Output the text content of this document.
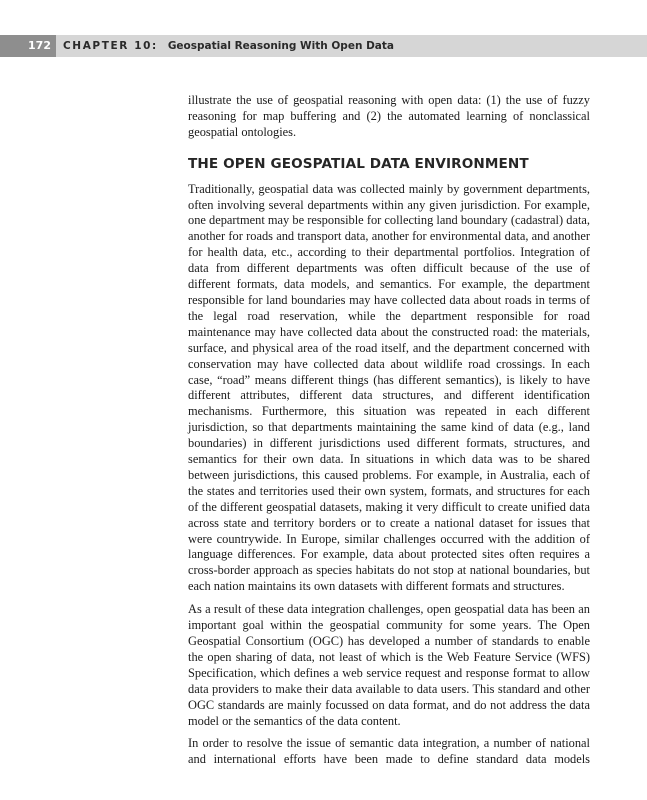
172	CHAPTER 10: Geospatial Reasoning With Open Data

illustrate the use of geospatial reasoning with open data: (1) the use of fuzzy reasoning for map buffering and (2) the automated learning of nonclassical geospatial ontologies.

THE OPEN GEOSPATIAL DATA ENVIRONMENT

Traditionally, geospatial data was collected mainly by government departments, often involving several departments within any given jurisdiction. For example, one department may be responsible for collecting land boundary (cadastral) data, another for roads and transport data, another for environmental data, and another for health data, etc., according to their departmental portfolios. Integration of data from different departments was often difficult because of the use of different formats, data models, and semantics. For example, the department responsible for land boundaries may have collected data about roads in terms of the legal road reservation, while the department responsible for road maintenance may have collected data about the constructed road: the materials, surface, and physical area of the road itself, and the department concerned with conservation may have collected data about wildlife road crossings. In each case, “road” means different things (has different semantics), is likely to have different attributes, different data structures, and different identification mechanisms. Furthermore, this situation was repeated in each different jurisdiction, so that departments maintaining the same kind of data (e.g., land boundaries) in different jurisdictions used different formats, structures, and semantics for their own data. In situations in which data was to be shared between jurisdictions, this caused problems. For example, in Australia, each of the states and territories used their own system, formats, and structures for each of the different geospatial datasets, making it very difficult to create unified data across state and territory borders or to create a national dataset for issues that were countrywide. In Europe, similar challenges occurred with the addition of language differences. For example, data about protected sites often requires a cross-border approach as species habitats do not stop at national boundaries, but each nation maintains its own datasets with different formats and structures.

As a result of these data integration challenges, open geospatial data has been an important goal within the geospatial community for some years. The Open Geospatial Consortium (OGC) has developed a number of standards to enable the open sharing of data, not least of which is the Web Feature Service (WFS) Specification, which defines a web service request and response format to allow data providers to make their data available to data users. This standard and other OGC standards are mainly focussed on data format, and do not address the data model or the semantics of the data content.

In order to resolve the issue of semantic data integration, a number of national and international efforts have been made to define standard data models
